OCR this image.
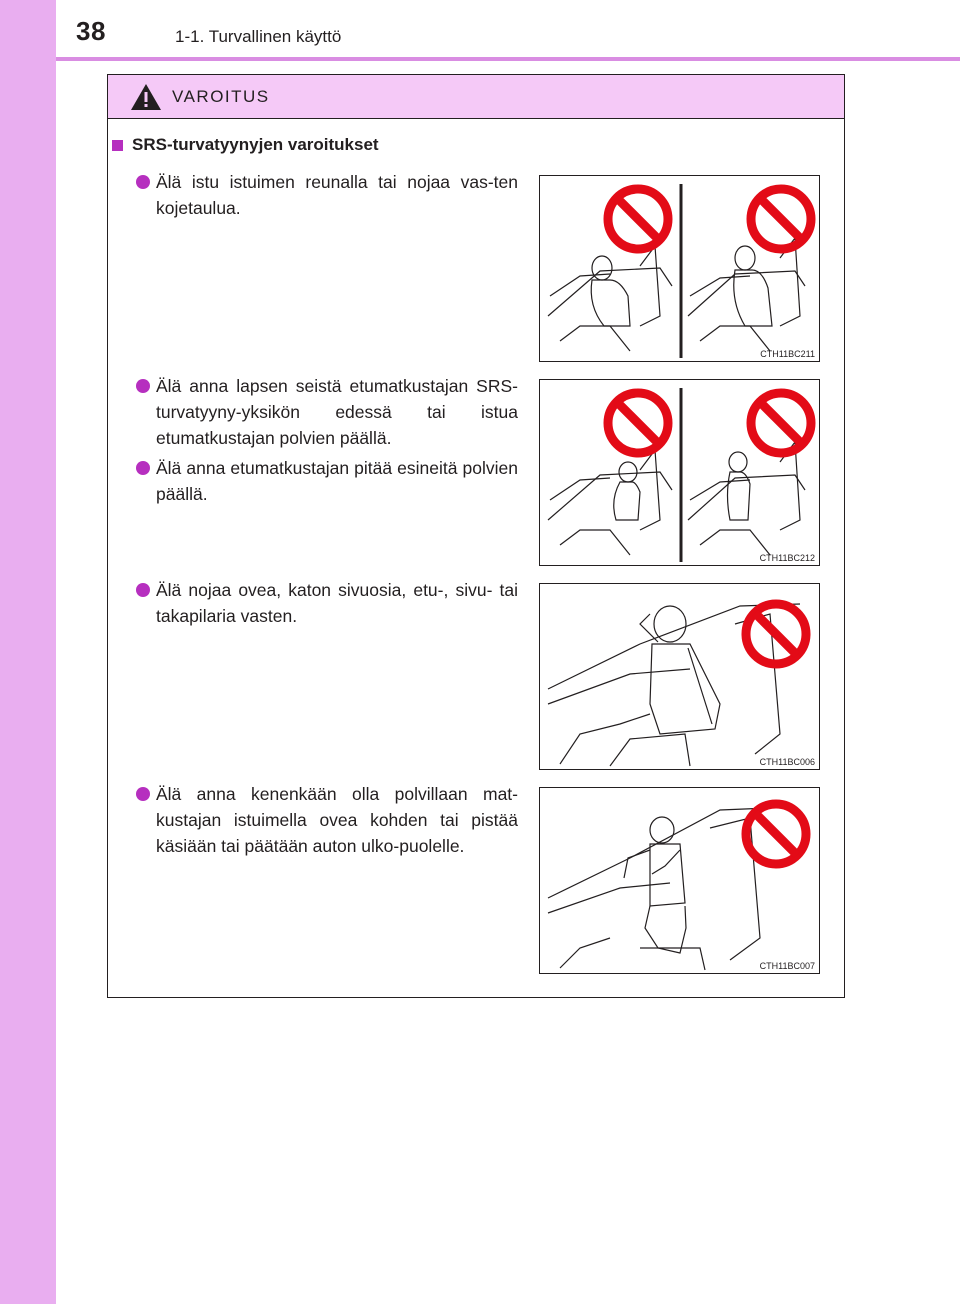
38	1-1. Turvallinen käyttö
VAROITUS
SRS-turvatyynyjen varoitukset
Älä istu istuimen reunalla tai nojaa vas-ten kojetaulua.
Älä anna lapsen seistä etumatkustajan SRS-turvatyyny-yksikön edessä tai istua etumatkustajan polvien päällä.
Älä anna etumatkustajan pitää esineitä polvien päällä.
Älä nojaa ovea, katon sivuosia, etu-, sivu- tai takapilaria vasten.
Älä anna kenenkään olla polvillaan mat-kustajan istuimella ovea kohden tai pistää käsiään tai päätään auton ulko-puolelle.
CTH11BC211
CTH11BC212
CTH11BC006
CTH11BC007
